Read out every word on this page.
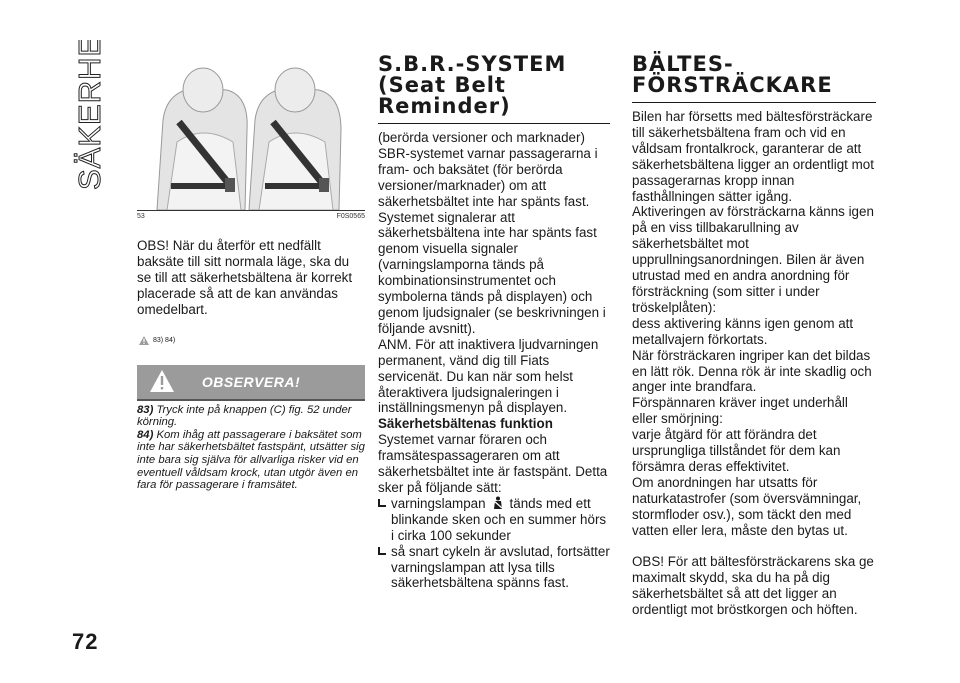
SÄKERHET
53	F0S0565

OBS! När du återför ett nedfällt baksäte till sitt normala läge, ska du se till att säkerhetsbältena är korrekt placerade så att de kan användas omedelbart.

83) 84)
OBSERVERA!
83) Tryck inte på knappen (C) fig. 52 under körning.
84) Kom ihåg att passagerare i baksätet som inte har säkerhetsbältet fastspänt, utsätter sig inte bara sig själva för allvarliga risker vid en eventuell våldsam krock, utan utgör även en fara för passagerare i framsätet.
S.B.R.-SYSTEM
(Seat Belt
Reminder)

(berörda versioner och marknader)

SBR-systemet varnar passagerarna i fram- och baksätet (för berörda versioner/marknader) om att säkerhetsbältet inte har spänts fast.

Systemet signalerar att säkerhetsbältena inte har spänts fast genom visuella signaler (varningslamporna tänds på kombinationsinstrumentet och symbolerna tänds på displayen) och genom ljudsignaler (se beskrivningen i följande avsnitt).

ANM. För att inaktivera ljudvarningen permanent, vänd dig till Fiats servicenät. Du kan när som helst återaktivera ljudsignaleringen i inställningsmenyn på displayen.

Säkerhetsbältenas funktion

Systemet varnar föraren och framsätespassageraren om att säkerhetsbältet inte är fastspänt. Detta sker på följande sätt:

varningslampan tänds med ett blinkande sken och en summer hörs i cirka 100 sekunder

så snart cykeln är avslutad, fortsätter varningslampan att lysa tills säkerhetsbältena spänns fast.

BÄLTES-
FÖRSTRÄCKARE

Bilen har försetts med bältesförsträckare till säkerhetsbältena fram och vid en våldsam frontalkrock, garanterar de att säkerhetsbältena ligger an ordentligt mot passagerarnas kropp innan fasthållningen sätter igång.

Aktiveringen av försträckarna känns igen på en viss tillbakarullning av säkerhetsbältet mot upprullningsanordningen. Bilen är även utrustad med en andra anordning för försträckning (som sitter i under tröskelplåten):

dess aktivering känns igen genom att metallvajern förkortats.

När försträckaren ingriper kan det bildas en lätt rök. Denna rök är inte skadlig och anger inte brandfara.

Förspännaren kräver inget underhåll eller smörjning:

varje åtgärd för att förändra det ursprungliga tillståndet för dem kan försämra deras effektivitet.

Om anordningen har utsatts för naturkatastrofer (som översvämningar, stormfloder osv.), som täckt den med vatten eller lera, måste den bytas ut.

OBS! För att bältesförsträckarens ska ge maximalt skydd, ska du ha på dig säkerhetsbältet så att det ligger an ordentligt mot bröstkorgen och höften.

72
